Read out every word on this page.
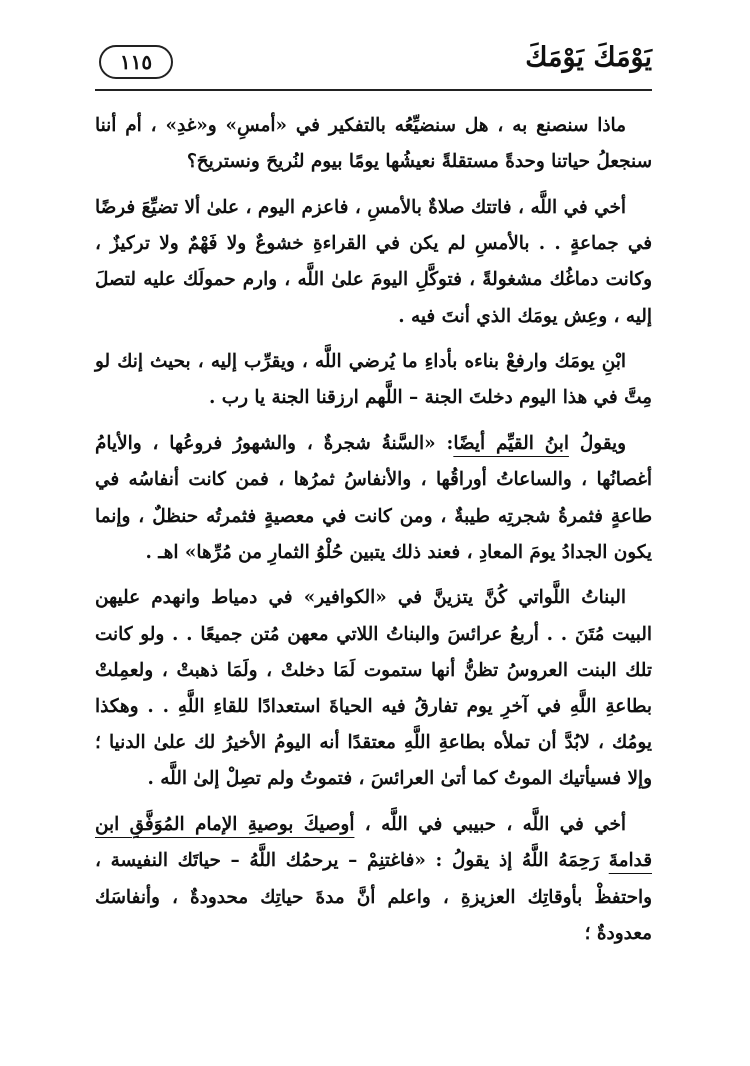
يَوْمَكَ يَوْمَكَ
١١٥

ماذا سنصنع به ، هل سنضيِّعُه بالتفكير في «أمسِ» و«غدِ» ، أم أننا سنجعلُ حياتنا وحدةً مستقلةً نعيشُها يومًا بيوم لنُريحَ ونستريحَ؟

أخي في اللَّه ، فاتتك صلاةٌ بالأمسِ ، فاعزم اليوم ، علىٰ ألا تضيِّعَ فرضًا في جماعةٍ . . بالأمسِ لم يكن في القراءةِ خشوعٌ ولا فَهْمٌ ولا تركيزٌ ، وكانت دماغُك مشغولةً ، فتوكَّلِ اليومَ علىٰ اللَّه ، وارم حمولَك عليه لتصلَ إليه ، وعِش يومَك الذي أنتَ فيه .

ابْنِ يومَك وارفعْ بناءه بأداءِ ما يُرضي اللَّه ، ويقرِّب إليه ، بحيث إنك لو مِتَّ في هذا اليوم دخلتَ الجنة – اللَّهم ارزقنا الجنة يا رب .

ويقولُ ابنُ القيِّم أيضًا: «السَّنةُ شجرةٌ ، والشهورُ فروعُها ، والأيامُ أغصانُها ، والساعاتُ أوراقُها ، والأنفاسُ ثمرُها ، فمن كانت أنفاسُه في طاعةٍ فثمرةُ شجرتِه طيبةٌ ، ومن كانت في معصيةٍ فثمرتُه حنظلٌ ، وإنما يكون الجدادُ يومَ المعادِ ، فعند ذلك يتبين حُلْوُ الثمارِ من مُرِّها» اهـ .

البناتُ اللَّواتي كُنَّ يتزينَّ في «الكوافير» في دمياط وانهدم عليهن البيت مُتَنَ . . أربعُ عرائسَ والبناتُ اللاتي معهن مُتن جميعًا . . ولو كانت تلك البنت العروسُ تظنُّ أنها ستموت لَمَا دخلتْ ، ولَمَا ذهبتْ ، ولعمِلتْ بطاعةِ اللَّهِ في آخرِ يوم تفارقُ فيه الحياةَ استعدادًا للقاءِ اللَّهِ . . وهكذا يومُك ، لابُدَّ أن تملأه بطاعةِ اللَّهِ معتقدًا أنه اليومُ الأخيرُ لك علىٰ الدنيا ؛ وإلا فسيأتيك الموتُ كما أتىٰ العرائسَ ، فتموتُ ولم تصِلْ إلىٰ اللَّه .

أخي في اللَّه ، حبيبي في اللَّه ، أوصيكَ بوصيةِ الإمام المُوَفَّقِ ابن قدامةَ رَحِمَهُ اللَّهُ إذ يقولُ : «فاغتنِمْ – يرحمُك اللَّهُ – حياتَك النفيسة ، واحتفظْ بأوقاتِك العزيزةِ ، واعلم أنَّ مدةَ حياتِك محدودةٌ ، وأنفاسَك معدودةٌ ؛
